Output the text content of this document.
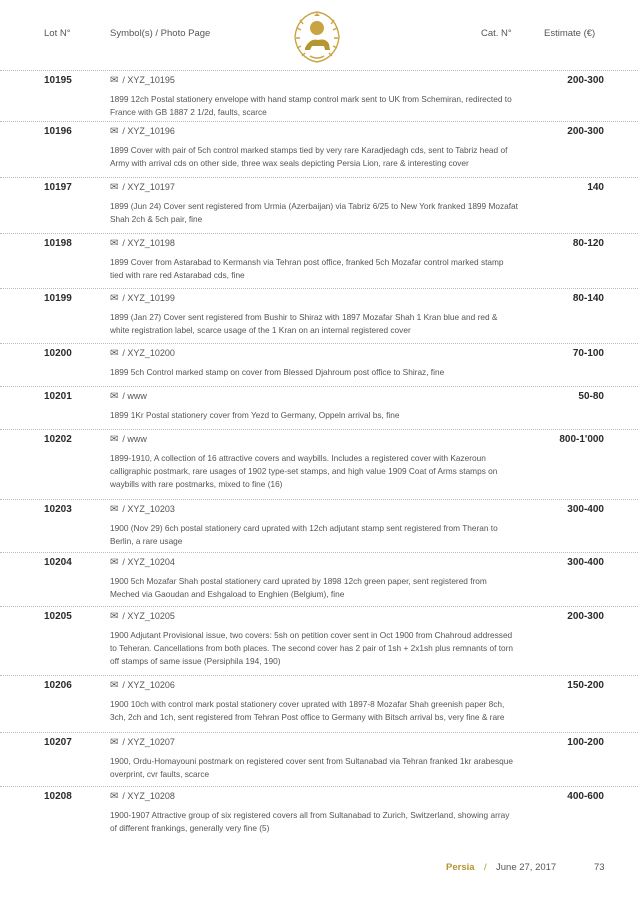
Lot N°	Symbol(s) / Photo Page	Cat. N°	Estimate (€)
10195	✉ / XYZ_10195	200-300
1899 12ch Postal stationery envelope with hand stamp control mark sent to UK from Schemiran, redirected to France with GB 1887 2 1/2d, faults, scarce
10196	✉ / XYZ_10196	200-300
1899 Cover with pair of 5ch control marked stamps tied by very rare Karadjedagh cds, sent to Tabriz head of Army with arrival cds on other side, three wax seals depicting Persia Lion, rare & interesting cover
10197	✉ / XYZ_10197	140
1899 (Jun 24) Cover sent registered from Urmia (Azerbaijan) via Tabriz 6/25 to New York franked 1899 Mozafat Shah 2ch & 5ch pair, fine
10198	✉ / XYZ_10198	80-120
1899 Cover from Astarabad to Kermansh via Tehran post office, franked 5ch Mozafar control marked stamp tied with rare red Astarabad cds, fine
10199	✉ / XYZ_10199	80-140
1899 (Jan 27) Cover sent registered from Bushir to Shiraz with 1897 Mozafar Shah 1 Kran blue and red & white registration label, scarce usage of the 1 Kran on an internal registered cover
10200	✉ / XYZ_10200	70-100
1899 5ch Control marked stamp on cover from Blessed Djahroum post office to Shiraz, fine
10201	✉ / www	50-80
1899 1Kr Postal stationery cover from Yezd to Germany, Oppeln arrival bs, fine
10202	✉ / www	800-1'000
1899-1910, A collection of 16 attractive covers and waybills. Includes a registered cover with Kazeroun calligraphic postmark, rare usages of 1902 type-set stamps, and high value 1909 Coat of Arms stamps on waybills with rare postmarks, mixed to fine (16)
10203	✉ / XYZ_10203	300-400
1900 (Nov 29) 6ch postal stationery card uprated with 12ch adjutant stamp sent registered from Theran to Berlin, a rare usage
10204	✉ / XYZ_10204	300-400
1900 5ch Mozafar Shah postal stationery card uprated by 1898 12ch green paper, sent registered from Meched via Gaoudan and Eshgaload to Enghien (Belgium), fine
10205	✉ / XYZ_10205	200-300
1900 Adjutant Provisional issue, two covers: 5sh on petition cover sent in Oct 1900 from Chahroud addressed to Teheran. Cancellations from both places. The second cover has 2 pair of 1sh + 2x1sh plus remnants of torn off stamps of same issue (Persiphila 194, 190)
10206	✉ / XYZ_10206	150-200
1900 10ch with control mark postal stationery cover uprated with 1897-8 Mozafar Shah greenish paper 8ch, 3ch, 2ch and 1ch, sent registered from Tehran Post office to Germany with Bitsch arrival bs, very fine & rare
10207	✉ / XYZ_10207	100-200
1900, Ordu-Homayouni postmark on registered cover sent from Sultanabad via Tehran franked 1kr arabesque overprint, cvr faults, scarce
10208	✉ / XYZ_10208	400-600
1900-1907 Attractive group of six registered covers all from Sultanabad to Zurich, Switzerland, showing array of different frankings, generally very fine (5)
Persia / June 27, 2017	73
